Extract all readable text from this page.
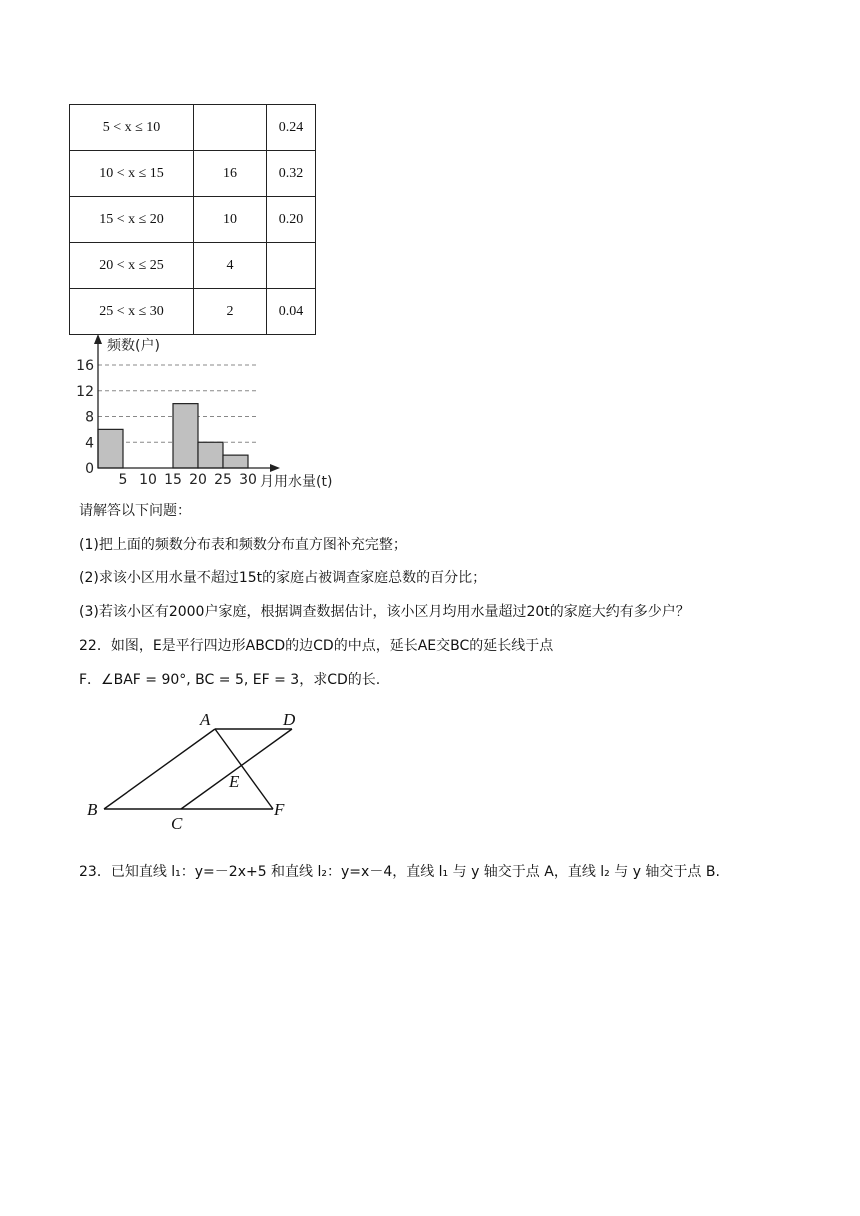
5 < x ≤ 10		0.24
10 < x ≤ 15	16	0.32
15 < x ≤ 20	10	0.20
20 < x ≤ 25	4	
25 < x ≤ 30	2	0.04
频数(户)
月用水量(t)
0
4
8
12
16
5 10 15 20 25 30
请解答以下问题：
(1)把上面的频数分布表和频数分布直方图补充完整；
(2)求该小区用水量不超过15t的家庭占被调查家庭总数的百分比；
(3)若该小区有2000户家庭，根据调查数据估计，该小区月均用水量超过20t的家庭大约有多少户？
22．如图，E是平行四边形ABCD的边CD的中点，延长AE交BC的延长线于点
F．∠BAF = 90°, BC = 5, EF = 3，求CD的长.
A	D
E
B
C
F
23．已知直线 l₁：y=－2x+5 和直线 l₂：y=x－4，直线 l₁ 与 y 轴交于点 A，直线 l₂ 与 y 轴交于点 B.
